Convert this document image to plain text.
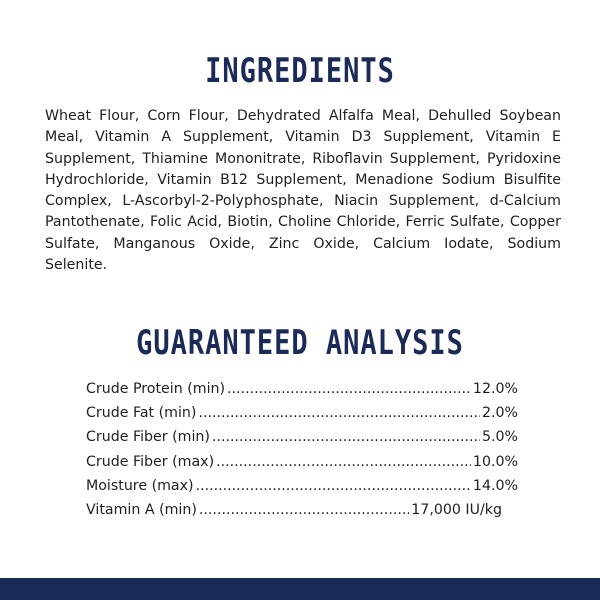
INGREDIENTS

Wheat Flour, Corn Flour, Dehydrated Alfalfa Meal, Dehulled Soybean Meal, Vitamin A Supplement, Vitamin D3 Supplement, Vitamin E Supplement, Thiamine Mononitrate, Riboflavin Supplement, Pyridoxine Hydrochloride, Vitamin B12 Supplement, Menadione Sodium Bisulfite Complex, L-Ascorbyl-2-Polyphosphate, Niacin Supplement, d-Calcium Pantothenate, Folic Acid, Biotin, Choline Chloride, Ferric Sulfate, Copper Sulfate, Manganous Oxide, Zinc Oxide, Calcium Iodate, Sodium Selenite.

GUARANTEED ANALYSIS
Crude Protein (min) .....	12.0%
Crude Fat (min) .....	2.0%
Crude Fiber (min) .....	5.0%
Crude Fiber (max) .....	10.0%
Moisture (max) .....	14.0%
Vitamin A (min) .....	17,000 IU/kg
